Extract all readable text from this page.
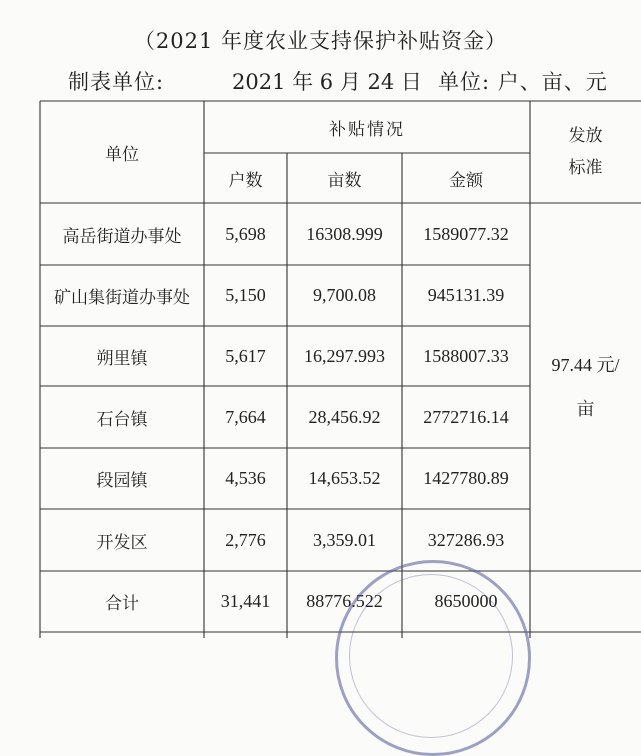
（2021 年度农业支持保护补贴资金）
制表单位:	2021 年 6 月 24 日 单位: 户、亩、元
单位
补贴情况
户数	亩数	金额
发放
标准
高岳街道办事处	5,698	16308.999	1589077.32
矿山集街道办事处	5,150	9,700.08	945131.39
朔里镇	5,617	16,297.993	1588007.33
石台镇	7,664	28,456.92	2772716.14
段园镇	4,536	14,653.52	1427780.89
开发区	2,776	3,359.01	327286.93
97.44 元/
亩
合计	31,441	88776.522	8650000
